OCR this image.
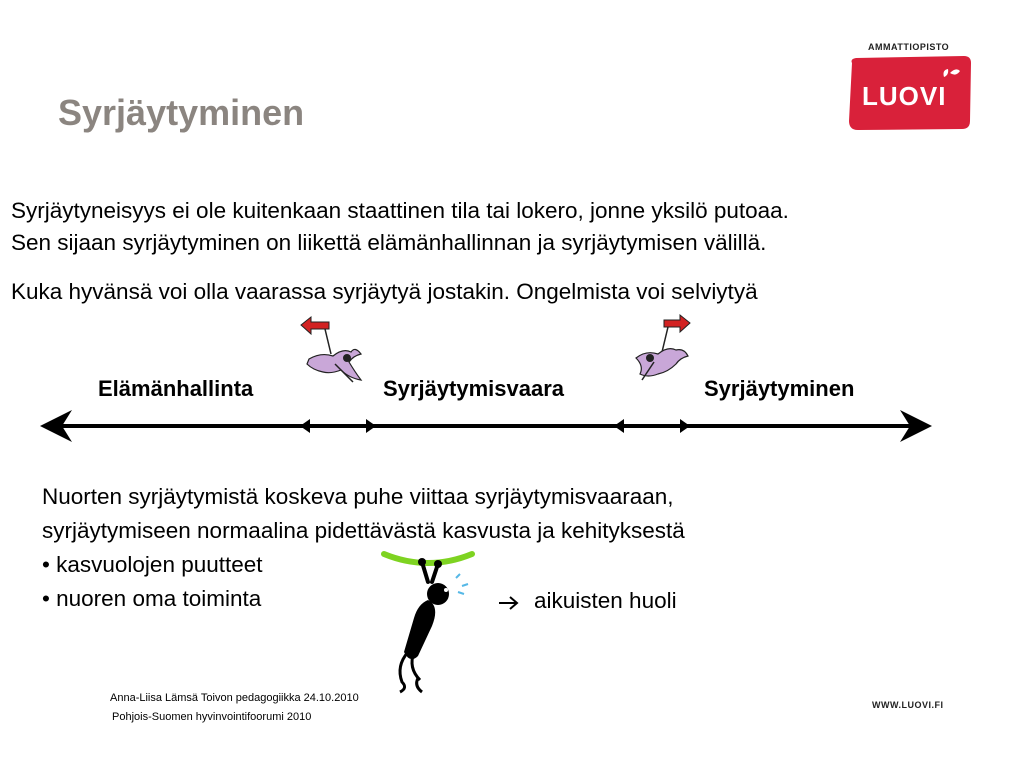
Syrjäytyminen
AMMATTIOPISTO
LUOVI
Syrjäytyneisyys ei ole kuitenkaan staattinen tila tai lokero, jonne yksilö putoaa.
Sen sijaan syrjäytyminen on liikettä elämänhallinnan ja syrjäytymisen välillä.
Kuka hyvänsä voi olla vaarassa syrjäytyä jostakin. Ongelmista voi selviytyä
Elämänhallinta	Syrjäytymisvaara	Syrjäytyminen
Nuorten syrjäytymistä koskeva puhe viittaa syrjäytymisvaaraan,
syrjäytymiseen normaalina pidettävästä kasvusta ja kehityksestä
• kasvuolojen puutteet
• nuoren oma toiminta	aikuisten huoli
Anna-Liisa Lämsä Toivon pedagogiikka 24.10.2010
Pohjois-Suomen hyvinvointifoorumi 2010
WWW.LUOVI.FI
